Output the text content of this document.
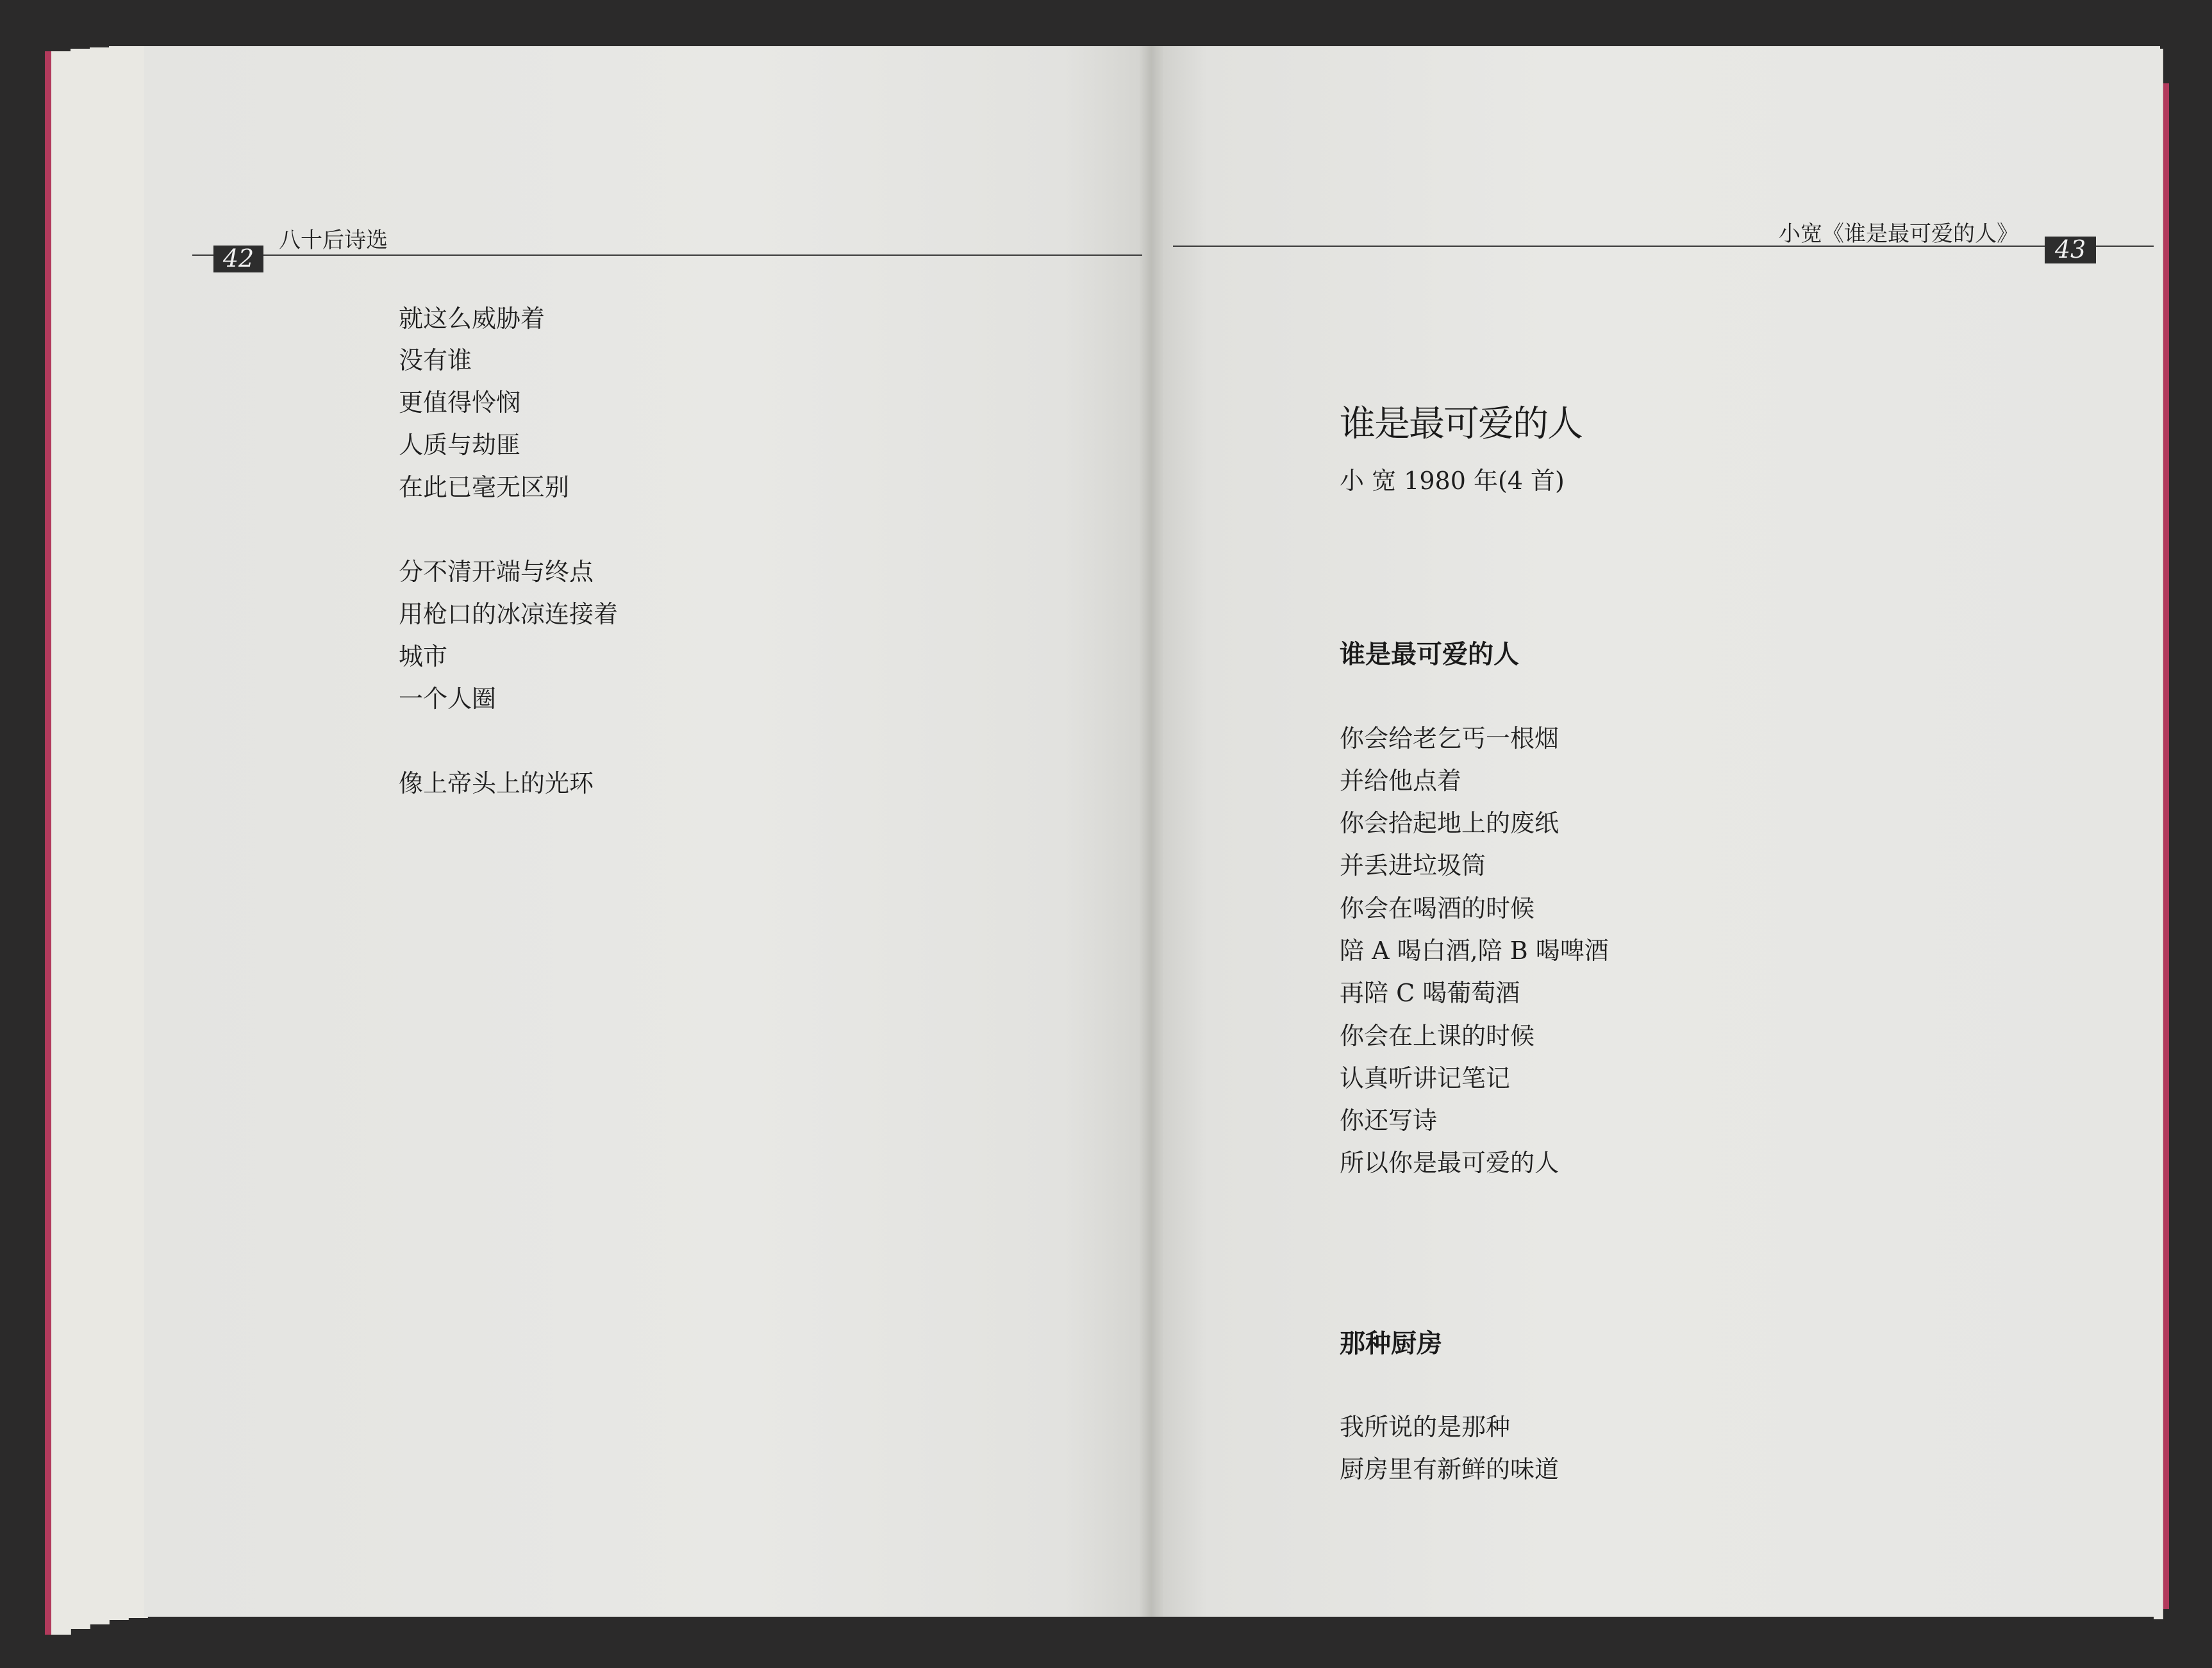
42
八十后诗选
就这么威胁着
没有谁
更值得怜悯
人质与劫匪
在此已毫无区别
分不清开端与终点
用枪口的冰凉连接着
城市
一个人圈
像上帝头上的光环
小宽《谁是最可爱的人》
43
谁是最可爱的人
小 宽 1980 年(4 首)
谁是最可爱的人
你会给老乞丐一根烟
并给他点着
你会拾起地上的废纸
并丢进垃圾筒
你会在喝酒的时候
陪 A 喝白酒,陪 B 喝啤酒
再陪 C 喝葡萄酒
你会在上课的时候
认真听讲记笔记
你还写诗
所以你是最可爱的人
那种厨房
我所说的是那种
厨房里有新鲜的味道
